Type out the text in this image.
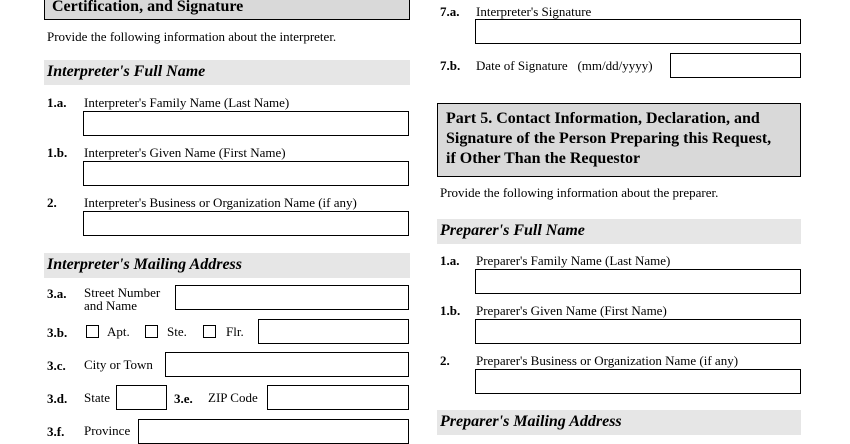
Certification, and Signature
Provide the following information about the interpreter.
Interpreter's Full Name
1.a. Interpreter's Family Name (Last Name)
1.b. Interpreter's Given Name (First Name)
2. Interpreter's Business or Organization Name (if any)
Interpreter's Mailing Address
3.a. Street Number
and Name
3.b.	Apt.	Ste.	Flr.
3.c. City or Town
3.d. State	3.e. ZIP Code
3.f. Province
7.a. Interpreter's Signature
7.b. Date of Signature   (mm/dd/yyyy)
Part 5. Contact Information, Declaration, and
Signature of the Person Preparing this Request,
if Other Than the Requestor
Provide the following information about the preparer.
Preparer's Full Name
1.a. Preparer's Family Name (Last Name)
1.b. Preparer's Given Name (First Name)
2. Preparer's Business or Organization Name (if any)
Preparer's Mailing Address
